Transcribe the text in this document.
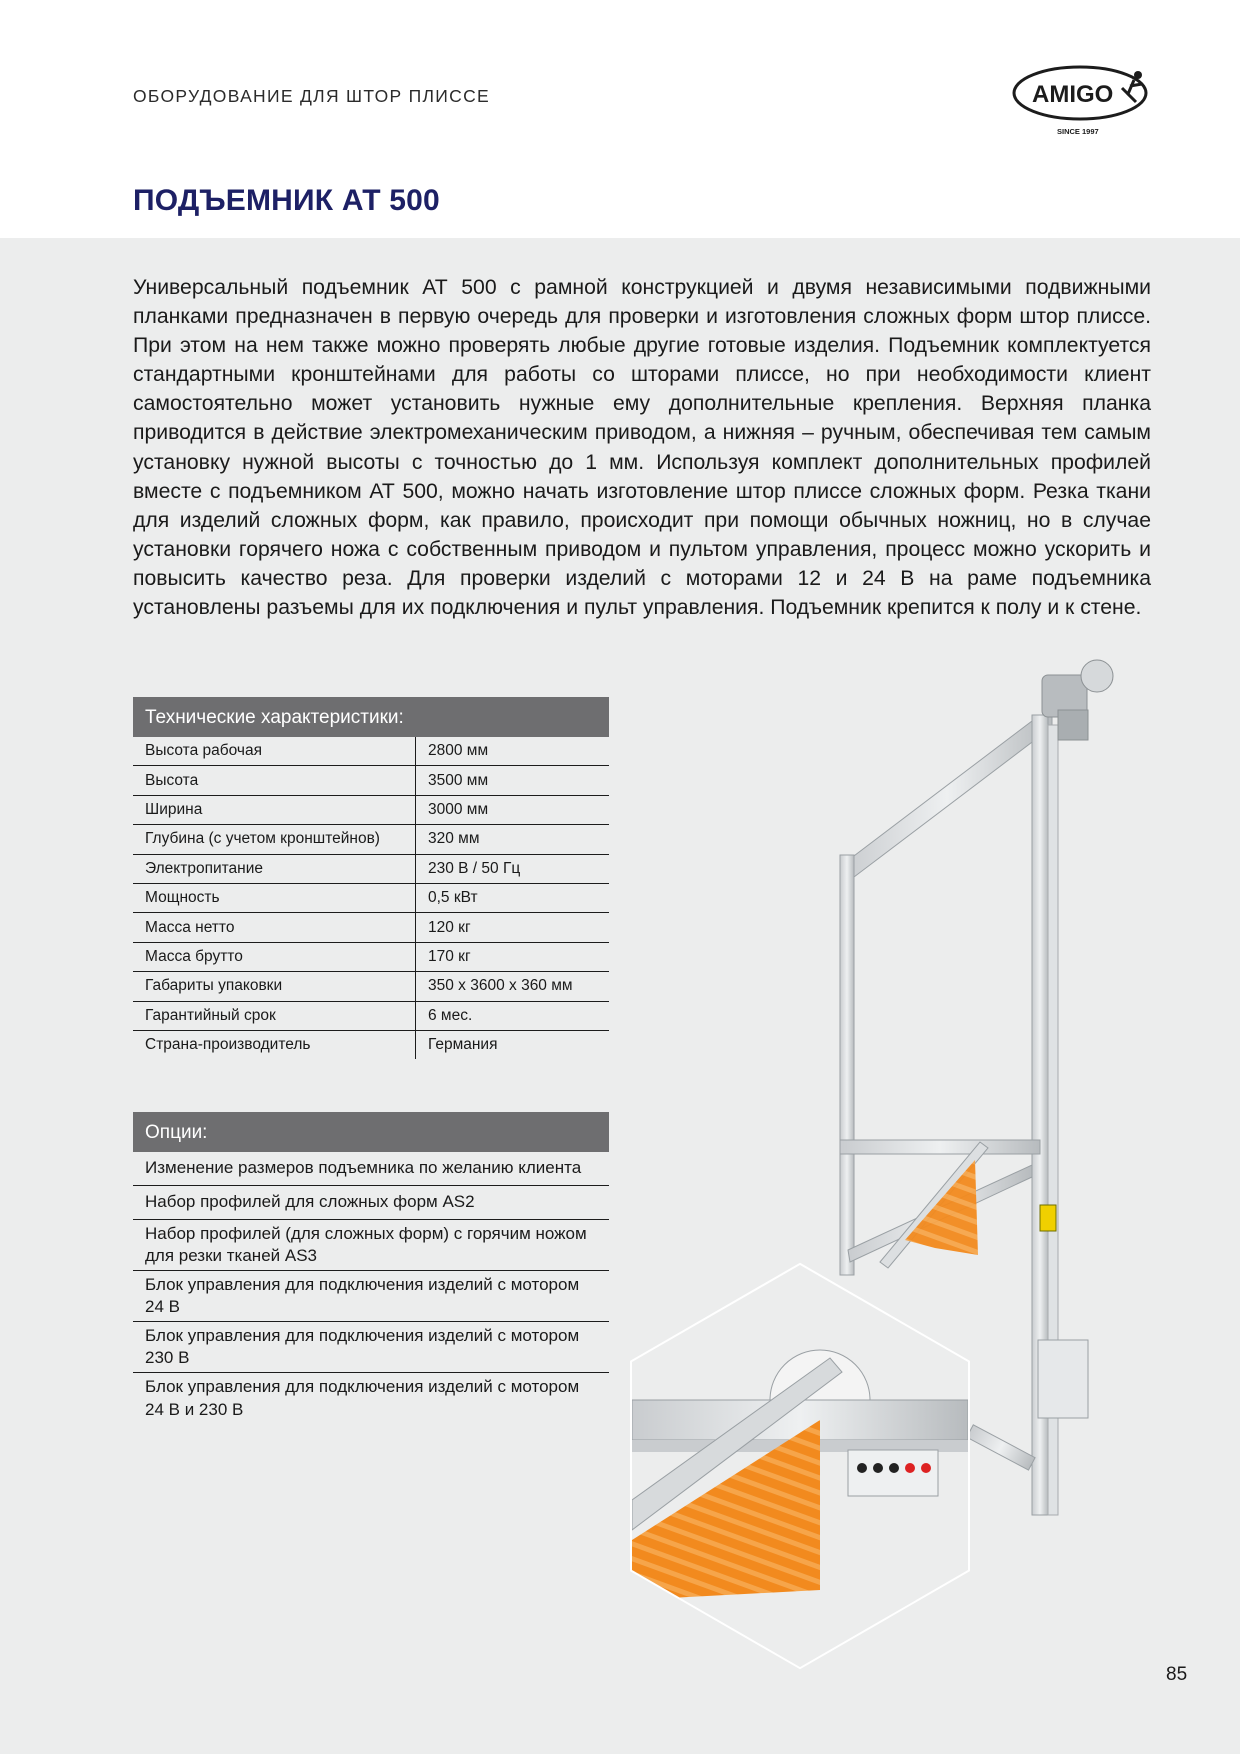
ОБОРУДОВАНИЕ ДЛЯ ШТОР ПЛИССЕ	AMIGO
SINCE 1997
ПОДЪЕМНИК АТ 500

Универсальный подъемник АТ 500 с рамной конструкцией и двумя независимыми подвижными планками предназначен в первую очередь для проверки и изготовления сложных форм штор плиссе. При этом на нем также можно проверять любые другие готовые изделия. Подъемник комплектуется стандартными кронштейнами для работы со шторами плиссе, но при необходимости клиент самостоятельно может установить нужные ему дополнительные крепления. Верхняя планка приводится в действие электромеханическим приводом, а нижняя – ручным, обеспечивая тем самым установку нужной высоты с точностью до 1 мм. Используя комплект дополнительных профилей вместе с подъемником АТ 500, можно начать изготовление штор плиссе сложных форм. Резка ткани для изделий сложных форм, как правило, происходит при помощи обычных ножниц, но в случае установки горячего ножа с собственным приводом и пультом управления, процесс можно ускорить и повысить качество реза. Для проверки изделий с моторами 12 и 24 В на раме подъемника установлены разъемы для их подключения и пульт управления. Подъемник крепится к полу и к стене.

Технические характеристики:
Высота рабочая	2800 мм
Высота	3500 мм
Ширина	3000 мм
Глубина (с учетом кронштейнов)	320 мм
Электропитание	230 В / 50 Гц
Мощность	0,5 кВт
Масса нетто	120 кг
Масса брутто	170 кг
Габариты упаковки	350 x 3600 x 360 мм
Гарантийный срок	6 мес.
Страна-производитель	Германия
Опции:
Изменение размеров подъемника по желанию клиента
Набор профилей для сложных форм AS2
Набор профилей (для сложных форм) с горячим ножом для резки тканей AS3
Блок управления для подключения изделий с мотором 24 В
Блок управления для подключения изделий с мотором 230 В
Блок управления для подключения изделий с мотором 24 В и 230 В
85
